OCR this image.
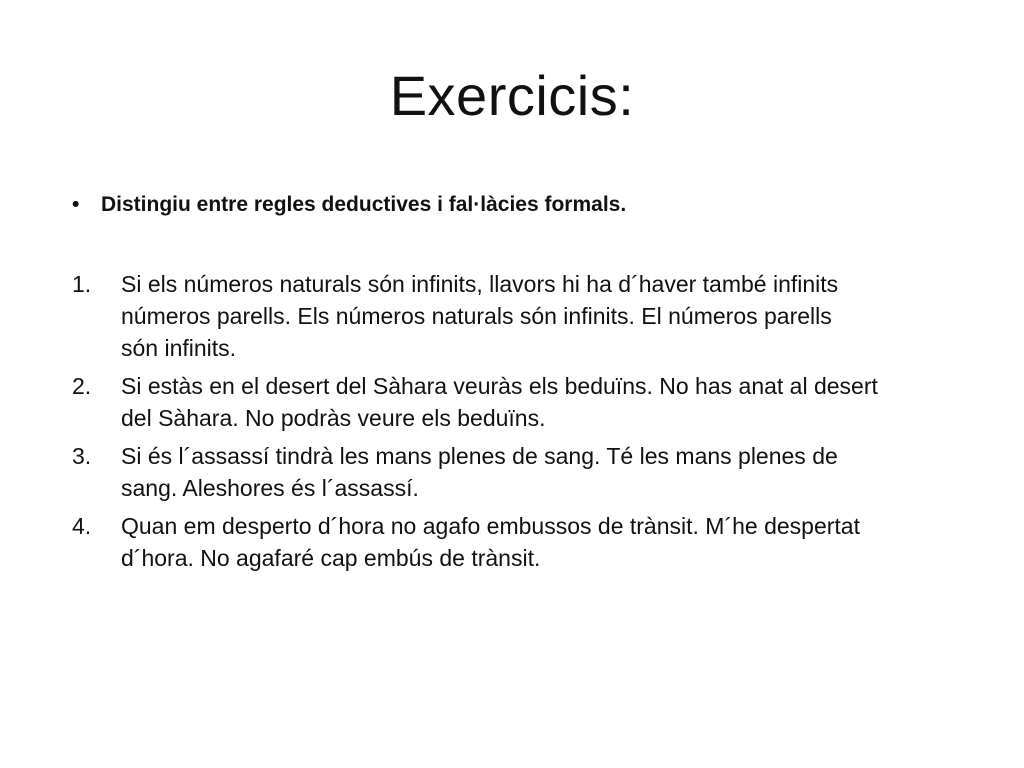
Exercicis:
•	Distingiu entre regles deductives i fal·làcies formals.
1.	Si els números naturals són infinits, llavors hi ha d´haver també infinits
números parells. Els números naturals són infinits. El números parells
són infinits.
2.	Si estàs en el desert del Sàhara veuràs els beduïns. No has anat al desert
del Sàhara. No podràs veure els beduïns.
3.	Si és l´assassí tindrà les mans plenes de sang. Té les mans plenes de
sang. Aleshores és l´assassí.
4.	Quan em desperto d´hora no agafo embussos de trànsit. M´he despertat
d´hora. No agafaré cap embús de trànsit.
